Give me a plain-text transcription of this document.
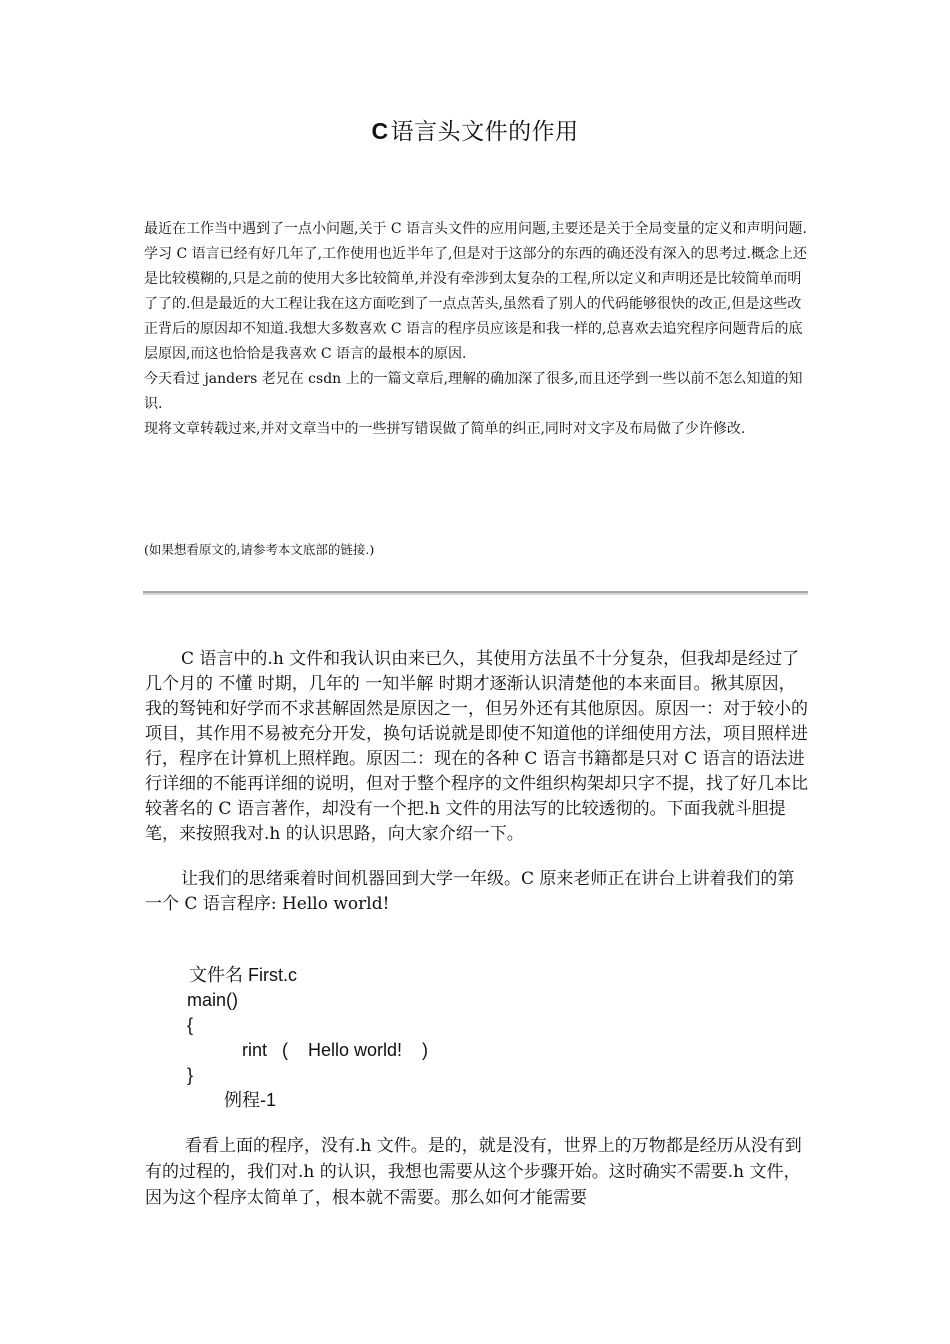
C语言头文件的作用

最近在工作当中遇到了一点小问题,关于 C 语言头文件的应用问题,主要还是关于全局变量的定义和声明问题.

学习 C 语言已经有好几年了,工作使用也近半年了,但是对于这部分的东西的确还没有深入的思考过.概念上还是比较模糊的,只是之前的使用大多比较简单,并没有牵涉到太复杂的工程,所以定义和声明还是比较简单而明了了的.但是最近的大工程让我在这方面吃到了一点点苦头,虽然看了别人的代码能够很快的改正,但是这些改正背后的原因却不知道.我想大多数喜欢 C 语言的程序员应该是和我一样的,总喜欢去追究程序问题背后的底层原因,而这也恰恰是我喜欢 C 语言的最根本的原因.

今天看过 janders 老兄在 csdn 上的一篇文章后,理解的确加深了很多,而且还学到一些以前不怎么知道的知识.

现将文章转载过来,并对文章当中的一些拼写错误做了简单的纠正,同时对文字及布局做了少许修改.

(如果想看原文的,请参考本文底部的链接.)

C 语言中的.h 文件和我认识由来已久，其使用方法虽不十分复杂，但我却是经过了几个月的 不懂 时期，几年的 一知半解 时期才逐渐认识清楚他的本来面目。揪其原因，我的驽钝和好学而不求甚解固然是原因之一，但另外还有其他原因。原因一：对于较小的项目，其作用不易被充分开发，换句话说就是即使不知道他的详细使用方法，项目照样进行，程序在计算机上照样跑。原因二：现在的各种 C 语言书籍都是只对 C 语言的语法进行详细的不能再详细的说明，但对于整个程序的文件组织构架却只字不提，找了好几本比较著名的 C 语言著作，却没有一个把.h 文件的用法写的比较透彻的。下面我就斗胆提笔，来按照我对.h 的认识思路，向大家介绍一下。

让我们的思绪乘着时间机器回到大学一年级。C 原来老师正在讲台上讲着我们的第一个 C 语言程序: Hello world!

文件名 First.c
main()
{
rint   (    Hello world!    )
}
例程-1

看看上面的程序，没有.h 文件。是的，就是没有，世界上的万物都是经历从没有到有的过程的，我们对.h 的认识，我想也需要从这个步骤开始。这时确实不需要.h 文件，因为这个程序太简单了，根本就不需要。那么如何才能需要
